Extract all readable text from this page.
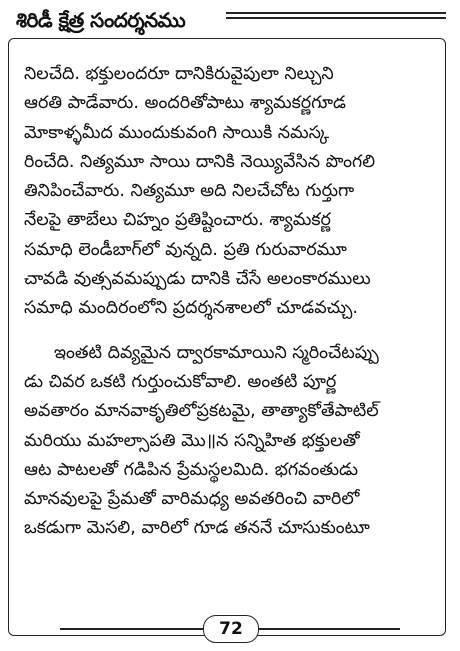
శిరిడీ క్షేత్ర సందర్శనము
నిలచేది. భక్తులందరూ దానికిరువైపులా నిల్చుని
ఆరతి పాడేవారు. అందరితోపాటు శ్యామకర్ణగూడ
మోకాళ్ళమీద ముందుకువంగి సాయికి నమస్క
రించేది. నిత్యమూ సాయి దానికి నెయ్యివేసిన పొంగలి
తినిపించేవారు. నిత్యమూ అది నిలచేచోట గుర్తుగా
నేలపై తాబేలు చిహ్నం ప్రతిష్టించారు. శ్యామకర్ణ
సమాధి లెండీబాగ్‌లో వున్నది. ప్రతి గురువారమూ
చావడి వుత్సవమప్పుడు దానికి చేసే అలంకారములు
సమాధి మందిరంలోని ప్రదర్శనశాలలో చూడవచ్చు.
ఇంతటి దివ్యమైన ద్వారకామాయిని స్మరించేటప్పు
డు చివర ఒకటి గుర్తుంచుకోవాలి. అంతటి పూర్ణ
అవతారం మానవాకృతిలోప్రకటమై, తాత్యాకోతేపాటిల్
మరియు మహల్సాపతి మొ॥న సన్నిహిత భక్తులతో
ఆట పాటలతో గడిపిన ప్రేమస్థలమిది. భగవంతుడు
మానవులపై ప్రేమతో వారిమధ్య అవతరించి వారిలో
ఒకడుగా మెసలి, వారిలో గూడ తననే చూసుకుంటూ
72
